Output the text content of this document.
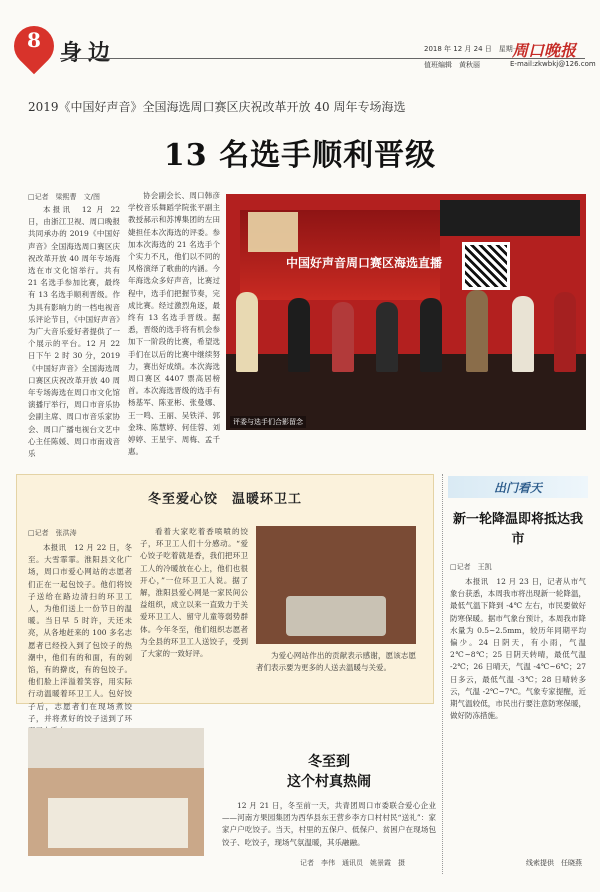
8 身边	2018 年 12 月 24 日　星期一
周口晚报
值班编辑　黄秋丽	E-mail:zkwbkj@126.com
2019《中国好声音》全国海选周口赛区庆祝改革开放 40 周年专场海选
13 名选手顺利晋级
□记者　梁熙曹　文/图

本报讯　12 月 22 日，由浙江卫视、周口晚报共同承办的 2019《中国好声音》全国海选周口赛区庆祝改革开放 40 周年专场海选在市文化馆举行。共有 21 名选手参加比赛，最终有 13 名选手顺利晋级。作为具有影响力的一档电视音乐评论节目，《中国好声音》为广大音乐爱好者提供了一个展示的平台。12 月 22 日下午 2 时 30 分，2019《中国好声音》全国海选周口赛区庆祝改革开放 40 周年专场海选在周口市文化馆演播厅举行，周口市音乐协会副主席、周口市音乐家协会、周口广播电视台文艺中心主任陈媛、周口市南戏音乐

协会副会长、周口韩彦学校音乐舞蹈学院张平副主教授郝示和苏博集团的左田婕担任本次海选的评委。参加本次海选的 21 名选手个个实力不凡，他们以不同的风格演绎了歌曲的内涵。今年海选众多好声音，比赛过程中，选手们把握节奏，完成比赛。经过激烈角逐，最终有 13 名选手晋级。据悉，晋级的选手将有机会参加下一阶段的比赛，希望选手们在以后的比赛中继续努力，赛出好成绩。本次海选周口赛区 4407 票高居榜首。本次海选晋级的选手有杨基军、陈亚彬、张曼娜、王一鸣、王丽、吴铁洋、郭金珠、陈慧婷、何佳蓉、刘婷婷、王星宇、周梅、孟千惠。

中国好声音周口赛区海选直播
评委与选手们合影留念
冬至爱心饺　温暖环卫工
□记者　张洪涛

本报讯　12 月 22 日，冬至。大雪霏霏。淮阳县文化广场，周口市爱心网站的志愿者们正在一起包饺子。他们将饺子送给在路边清扫的环卫工人，为他们送上一份节日的温暖。当日早 5 时许，天还未亮，从各地赶来的 100 多名志愿者已经投入到了包饺子的热潮中，他们有的和面，有的剁馅，有的擀皮，有的包饺子。他们脸上洋溢着笑容，用实际行动温暖着环卫工人。包好饺子后，志愿者们在现场煮饺子，并将煮好的饺子送到了环

看着大家吃着香喷喷的饺子，环卫工人们十分感动。“爱心饺子吃着就是香，我们把环卫工人的冷暖放在心上，他们也很开心，”一位环卫工人说。据了解，淮阳县爱心网是一家民间公益组织，成立以来一直致力于关爱环卫工人、留守儿童等弱势群体。今年冬至，他们组织志愿者为全县的环卫工人送饺子，受到了大家的一致好评。	为爱心网站作出的贡献表示感谢，愿该志愿者们表示要为更多的人送去温暖与关爱。

出门看天
新一轮降温即将抵达我市
□记者　王凯

本报讯　12 月 23 日，记者从市气象台获悉，本周我市将出现新一轮降温，最低气温下降到 -4℃ 左右，市民要做好防寒保暖。据市气象台预计，本周我市降水量为 0.5~2.5mm，较历年同期平均偏少。24 日阴天，有小雨，气温 2℃~8℃；25 日阴天转晴，最低气温 -2℃；26 日晴天，气温 -4℃~6℃；27 日多云，最低气温 -3℃；28 日晴转多云，气温 -2℃~7℃。气象专家提醒，近期气温较低，市民出行要注意防寒保暖，做好防冻措施。

线索提供　任晓燕
冬至到
这个村真热闹

12 月 21 日，冬至前一天，共青团周口市委联合爱心企业——河南方果园集团为西华县东王营乡李方口村村民“送礼”：家家户户吃饺子。当天，村里的五保户、低保户、贫困户在现场包饺子、吃饺子，现场气氛温暖，其乐融融。

记者　李伟　通讯员　姚景霞　摄
